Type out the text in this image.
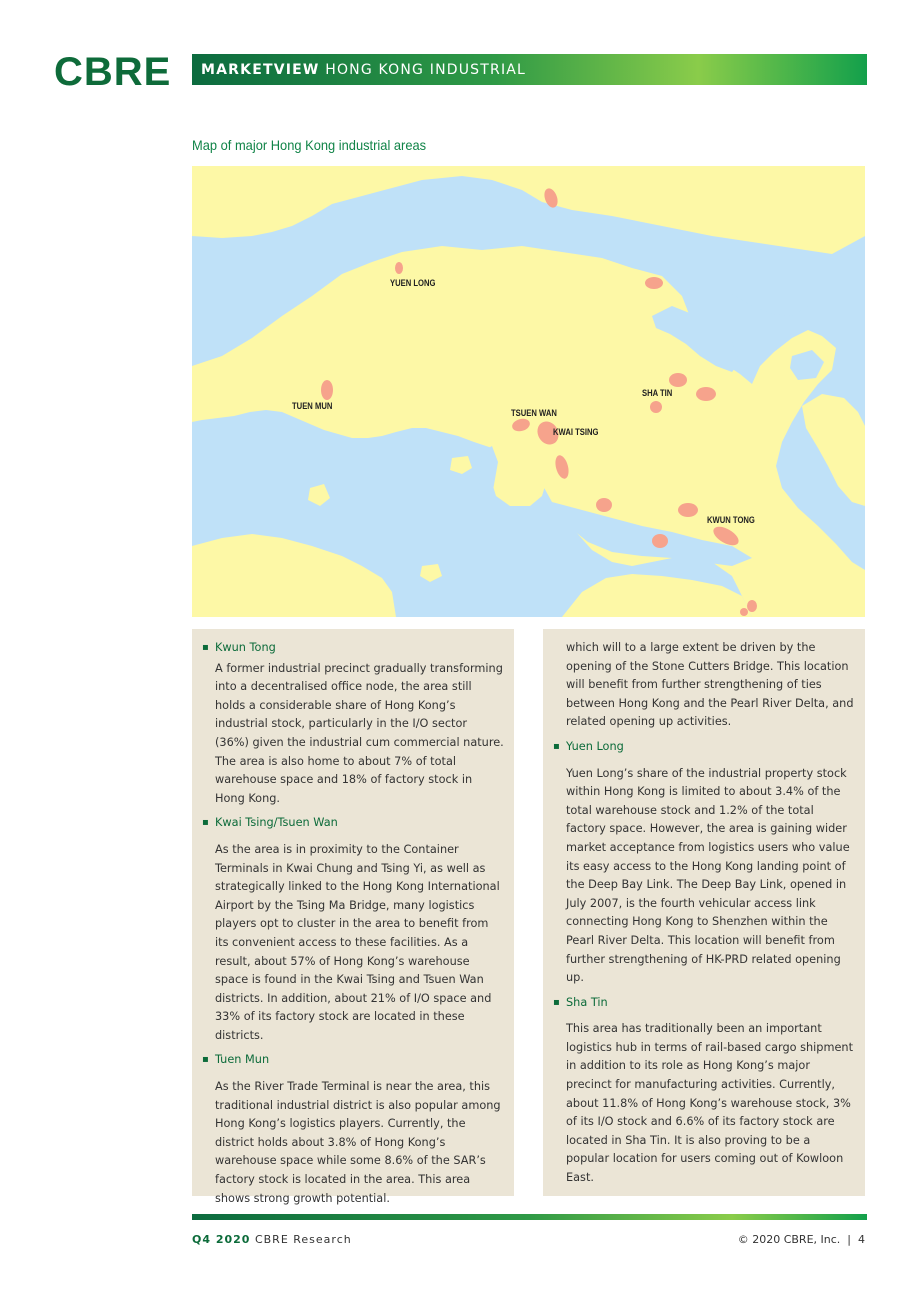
CBRE MARKETVIEW HONG KONG INDUSTRIAL
Map of major Hong Kong industrial areas
YUEN LONG
TUEN MUN
TSUEN WAN
KWAI TSING
SHA TIN
KWUN TONG
▪ Kwun Tong

A former industrial precinct gradually transforming into a decentralised office node, the area still holds a considerable share of Hong Kong’s industrial stock, particularly in the I/O sector (36%) given the industrial cum commercial nature. The area is also home to about 7% of total warehouse space and 18% of factory stock in Hong Kong.

▪ Kwai Tsing/Tsuen Wan

As the area is in proximity to the Container Terminals in Kwai Chung and Tsing Yi, as well as strategically linked to the Hong Kong International Airport by the Tsing Ma Bridge, many logistics players opt to cluster in the area to benefit from its convenient access to these facilities. As a result, about 57% of Hong Kong’s warehouse space is found in the Kwai Tsing and Tsuen Wan districts. In addition, about 21% of I/O space and 33% of its factory stock are located in these districts.

▪ Tuen Mun

As the River Trade Terminal is near the area, this traditional industrial district is also popular among Hong Kong’s logistics players. Currently, the district holds about 3.8% of Hong Kong’s warehouse space while some 8.6% of the SAR’s factory stock is located in the area. This area shows strong growth potential.

which will to a large extent be driven by the opening of the Stone Cutters Bridge. This location will benefit from further strengthening of ties between Hong Kong and the Pearl River Delta, and related opening up activities.

▪ Yuen Long

Yuen Long’s share of the industrial property stock within Hong Kong is limited to about 3.4% of the total warehouse stock and 1.2% of the total factory space. However, the area is gaining wider market acceptance from logistics users who value its easy access to the Hong Kong landing point of the Deep Bay Link. The Deep Bay Link, opened in July 2007, is the fourth vehicular access link connecting Hong Kong to Shenzhen within the Pearl River Delta. This location will benefit from further strengthening of HK-PRD related opening up.

▪ Sha Tin

This area has traditionally been an important logistics hub in terms of rail-based cargo shipment in addition to its role as Hong Kong’s major precinct for manufacturing activities. Currently, about 11.8% of Hong Kong’s warehouse stock, 3% of its I/O stock and 6.6% of its factory stock are located in Sha Tin. It is also proving to be a popular location for users coming out of Kowloon East.

Q4 2020 CBRE Research	© 2020 CBRE, Inc. | 4
